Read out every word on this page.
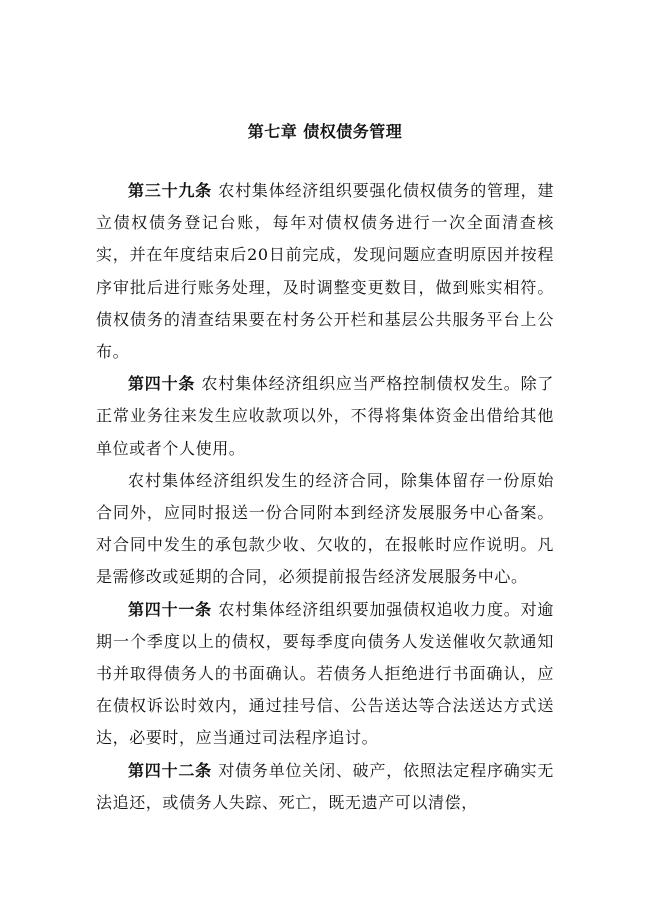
第七章 债权债务管理

第三十九条 农村集体经济组织要强化债权债务的管理，建立债权债务登记台账，每年对债权债务进行一次全面清查核实，并在年度结束后20日前完成，发现问题应查明原因并按程序审批后进行账务处理，及时调整变更数目，做到账实相符。债权债务的清查结果要在村务公开栏和基层公共服务平台上公布。

第四十条 农村集体经济组织应当严格控制债权发生。除了正常业务往来发生应收款项以外，不得将集体资金出借给其他单位或者个人使用。

农村集体经济组织发生的经济合同，除集体留存一份原始合同外，应同时报送一份合同附本到经济发展服务中心备案。对合同中发生的承包款少收、欠收的，在报帐时应作说明。凡是需修改或延期的合同，必须提前报告经济发展服务中心。

第四十一条 农村集体经济组织要加强债权追收力度。对逾期一个季度以上的债权，要每季度向债务人发送催收欠款通知书并取得债务人的书面确认。若债务人拒绝进行书面确认，应在债权诉讼时效内，通过挂号信、公告送达等合法送达方式送达，必要时，应当通过司法程序追讨。

第四十二条 对债务单位关闭、破产，依照法定程序确实无法追还，或债务人失踪、死亡，既无遗产可以清偿，
